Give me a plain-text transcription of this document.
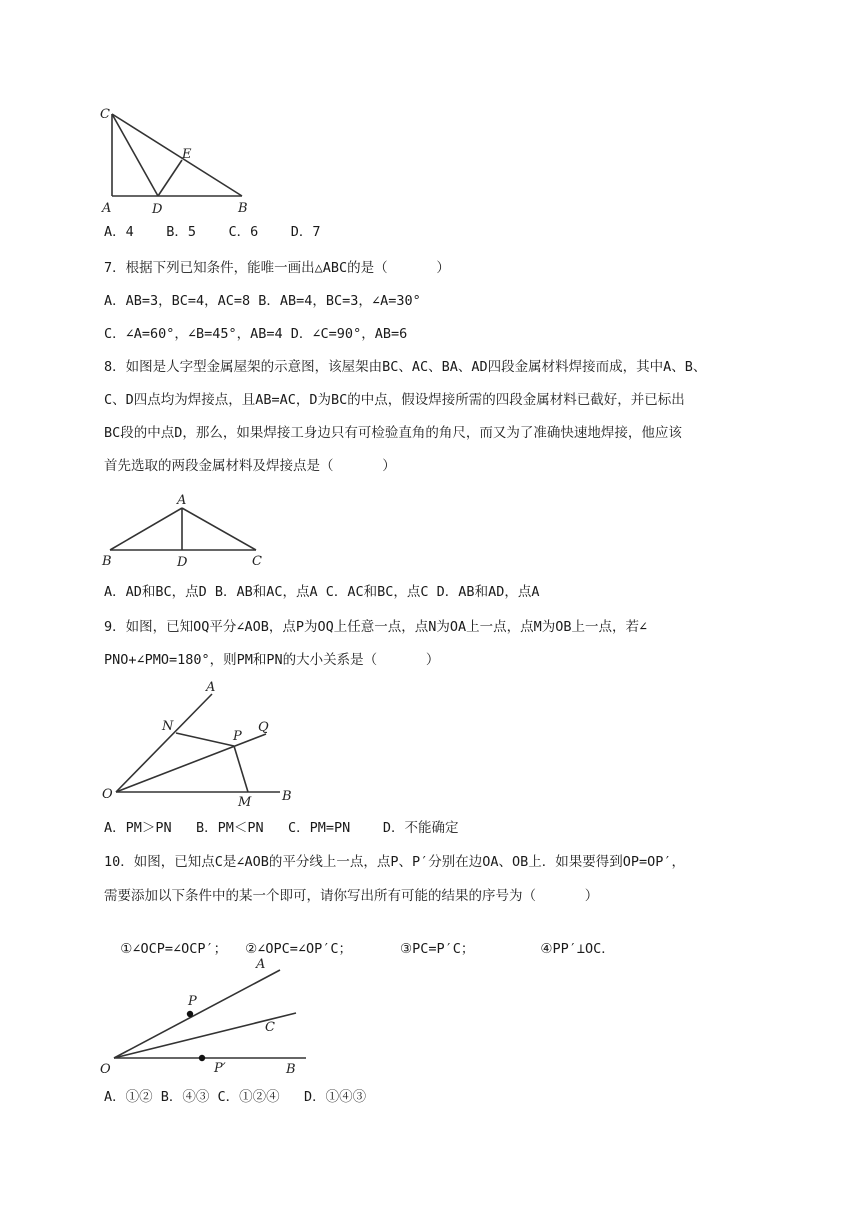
C
E
A	D	B
A．4    B．5    C．6    D．7
7．根据下列已知条件，能唯一画出△ABC的是（      ）
A．AB=3，BC=4，AC=8 B．AB=4，BC=3，∠A=30°
C．∠A=60°，∠B=45°，AB=4 D．∠C=90°，AB=6
8．如图是人字型金属屋架的示意图，该屋架由BC、AC、BA、AD四段金属材料焊接而成，其中A、B、
C、D四点均为焊接点，且AB=AC，D为BC的中点，假设焊接所需的四段金属材料已截好，并已标出
BC段的中点D，那么，如果焊接工身边只有可检验直角的角尺，而又为了准确快速地焊接，他应该
首先选取的两段金属材料及焊接点是（      ）
A
B	D	C
A．AD和BC，点D B．AB和AC，点A C．AC和BC，点C D．AB和AD，点A
9．如图，已知OQ平分∠AOB，点P为OQ上任意一点，点N为OA上一点，点M为OB上一点，若∠
PNO+∠PMO=180°，则PM和PN的大小关系是（      ）
A
N
P
Q
O
M B
A．PM＞PN   B．PM＜PN   C．PM=PN    D．不能确定
10．如图，已知点C是∠AOB的平分线上一点，点P、P′分别在边OA、OB上．如果要得到OP=OP′，
需要添加以下条件中的某一个即可，请你写出所有可能的结果的序号为（      ）

①∠OCP=∠OCP′； ②∠OPC=∠OP′C；	③PC=P′C；	④PP′⊥OC．

A
P
C
O	P′	B
A．①② B．④③ C．①②④   D．①④③
